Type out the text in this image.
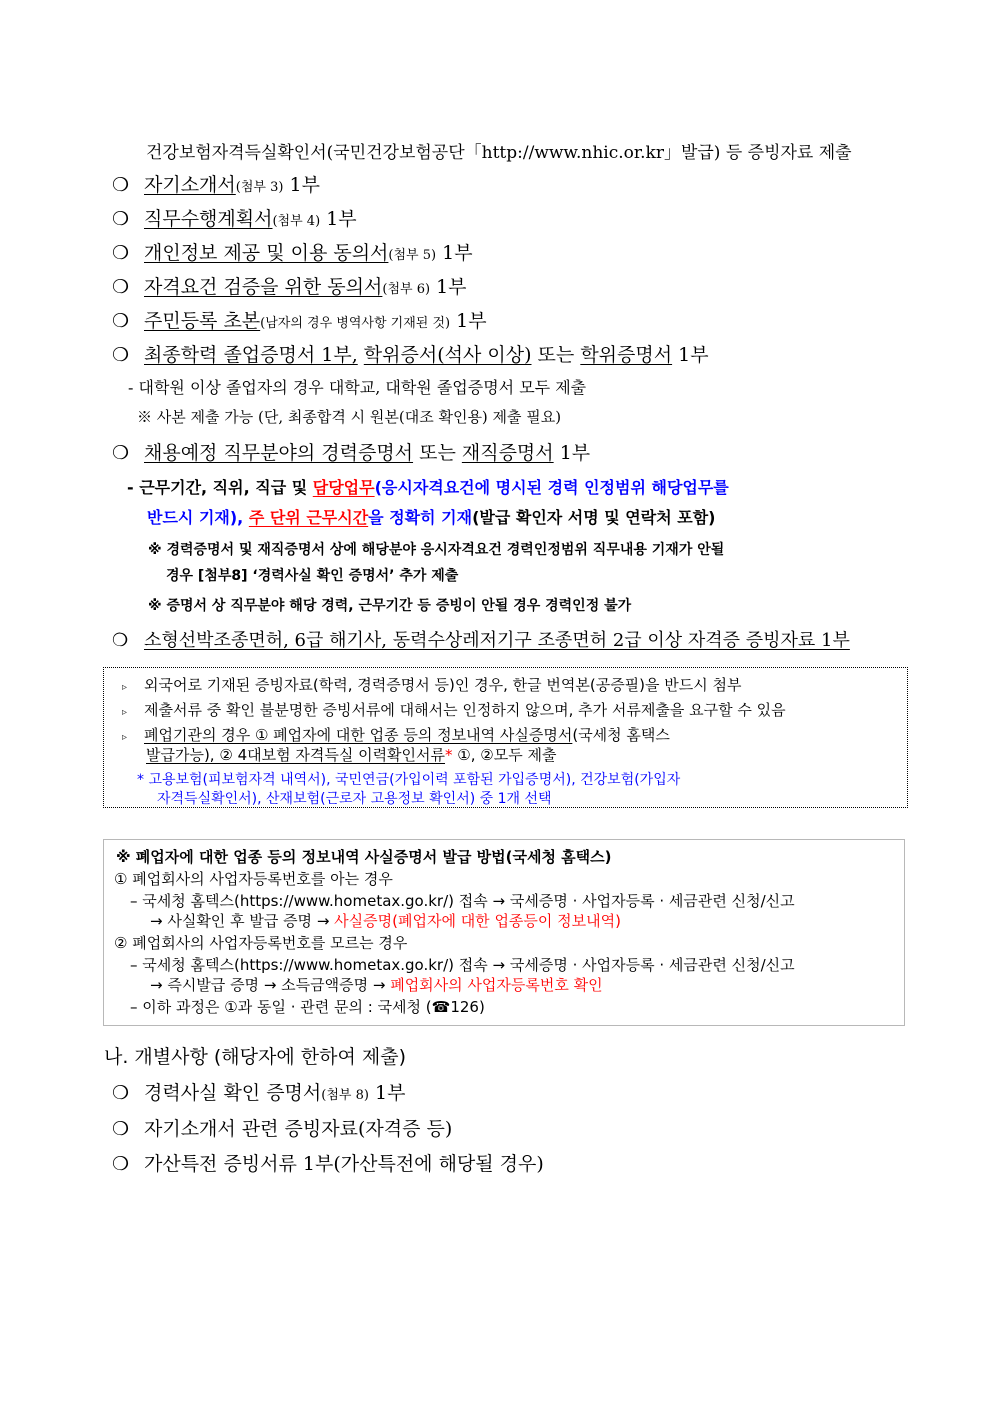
건강보험자격득실확인서(국민건강보험공단「http://www.nhic.or.kr」발급) 등 증빙자료 제출
❍ 자기소개서(첨부 3) 1부
❍ 직무수행계획서(첨부 4) 1부
❍ 개인정보 제공 및 이용 동의서(첨부 5) 1부
❍ 자격요건 검증을 위한 동의서(첨부 6) 1부
❍ 주민등록 초본(남자의 경우 병역사항 기재된 것) 1부
❍ 최종학력 졸업증명서 1부, 학위증서(석사 이상) 또는 학위증명서 1부
- 대학원 이상 졸업자의 경우 대학교, 대학원 졸업증명서 모두 제출
※ 사본 제출 가능 (단, 최종합격 시 원본(대조 확인용) 제출 필요)
❍ 채용예정 직무분야의 경력증명서 또는 재직증명서 1부
- 근무기간, 직위, 직급 및 담당업무(응시자격요건에 명시된 경력 인정범위 해당업무를
반드시 기재), 주 단위 근무시간을 정확히 기재(발급 확인자 서명 및 연락처 포함)
※ 경력증명서 및 재직증명서 상에 해당분야 응시자격요건 경력인정범위 직무내용 기재가 안될
경우 [첨부8] ‘경력사실 확인 증명서’ 추가 제출
※ 증명서 상 직무분야 해당 경력, 근무기간 등 증빙이 안될 경우 경력인정 불가
❍ 소형선박조종면허, 6급 해기사, 동력수상레저기구 조종면허 2급 이상 자격증 증빙자료 1부
▹ 외국어로 기재된 증빙자료(학력, 경력증명서 등)인 경우, 한글 번역본(공증필)을 반드시 첨부
▹ 제출서류 중 확인 불분명한 증빙서류에 대해서는 인정하지 않으며, 추가 서류제출을 요구할 수 있음
▹ 폐업기관의 경우 ① 폐업자에 대한 업종 등의 정보내역 사실증명서(국세청 홈택스
발급가능), ② 4대보험 자격득실 이력확인서류* ①, ②모두 제출
* 고용보험(피보험자격 내역서), 국민연금(가입이력 포함된 가입증명서), 건강보험(가입자
자격득실확인서), 산재보험(근로자 고용정보 확인서) 중 1개 선택
※ 폐업자에 대한 업종 등의 정보내역 사실증명서 발급 방법(국세청 홈택스)
① 폐업회사의 사업자등록번호를 아는 경우
– 국세청 홈텍스(https://www.hometax.go.kr/) 접속 → 국세증명 · 사업자등록 · 세금관련 신청/신고
→ 사실확인 후 발급 증명 → 사실증명(폐업자에 대한 업종등이 정보내역)
② 폐업회사의 사업자등록번호를 모르는 경우
– 국세청 홈텍스(https://www.hometax.go.kr/) 접속 → 국세증명 · 사업자등록 · 세금관련 신청/신고
→ 즉시발급 증명 → 소득금액증명 → 폐업회사의 사업자등록번호 확인
– 이하 과정은 ①과 동일 · 관련 문의 : 국세청 (☎126)
나. 개별사항 (해당자에 한하여 제출)
❍ 경력사실 확인 증명서(첨부 8) 1부
❍ 자기소개서 관련 증빙자료(자격증 등)
❍ 가산특전 증빙서류 1부(가산특전에 해당될 경우)
